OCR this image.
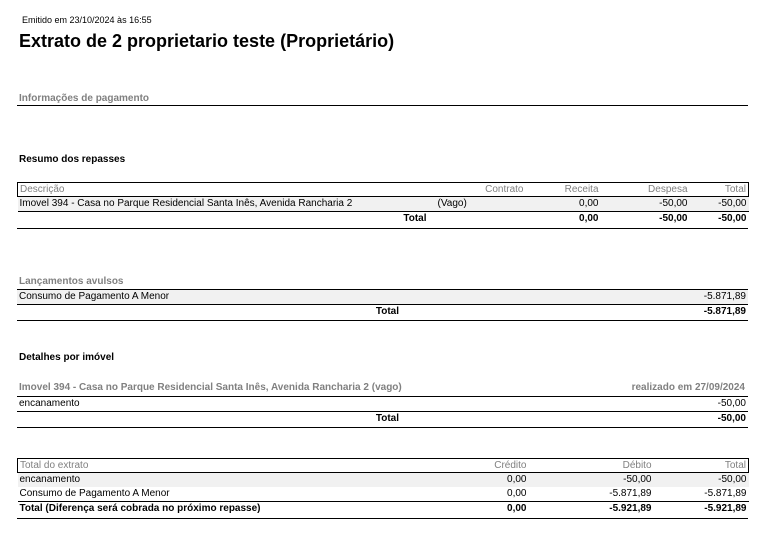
Emitido em 23/10/2024 às 16:55
Extrato de 2 proprietario teste (Proprietário)
Informações de pagamento
Resumo dos repasses
Descrição	Contrato	Receita	Despesa	Total
Imovel 394 - Casa no Parque Residencial Santa Inês, Avenida Rancharia 2	(Vago)	0,00	-50,00	-50,00
Total		0,00	-50,00	-50,00
Lançamentos avulsos
Consumo de Pagamento A Menor	-5.871,89
Total	-5.871,89
Detalhes por imóvel
Imovel 394 - Casa no Parque Residencial Santa Inês, Avenida Rancharia 2 (vago)	realizado em 27/09/2024
encanamento	-50,00
Total	-50,00
Total do extrato	Crédito	Débito	Total
encanamento	0,00	-50,00	-50,00
Consumo de Pagamento A Menor	0,00	-5.871,89	-5.871,89
Total (Diferença será cobrada no próximo repasse)	0,00	-5.921,89	-5.921,89
